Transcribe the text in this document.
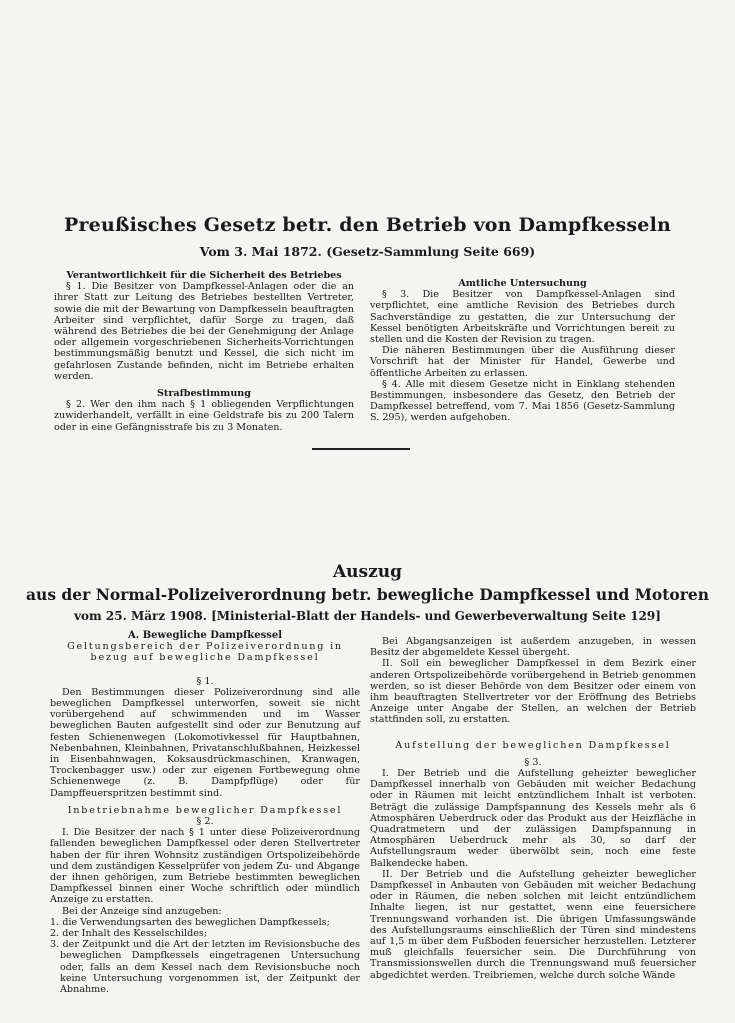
Preußisches Gesetz betr. den Betrieb von Dampfkesseln
Vom 3. Mai 1872. (Gesetz-Sammlung Seite 669)

Verantwortlichkeit für die Sicherheit des Betriebes

§ 1. Die Besitzer von Dampfkessel-Anlagen oder die an ihrer Statt zur Leitung des Betriebes bestellten Vertreter, sowie die mit der Bewartung von Dampfkesseln beauftragten Arbeiter sind verpflichtet, dafür Sorge zu tragen, daß während des Betriebes die bei der Genehmigung der Anlage oder allgemein vorgeschriebenen Sicherheits-Vorrichtungen bestimmungsmäßig benutzt und Kessel, die sich nicht im gefahrlosen Zustande befinden, nicht im Betriebe erhalten werden.

Strafbestimmung

§ 2. Wer den ihm nach § 1 obliegenden Verpflichtungen zuwiderhandelt, verfällt in eine Geldstrafe bis zu 200 Talern oder in eine Gefängnisstrafe bis zu 3 Monaten.

Amtliche Untersuchung

§ 3. Die Besitzer von Dampfkessel-Anlagen sind verpflichtet, eine amtliche Revision des Betriebes durch Sachverständige zu gestatten, die zur Untersuchung der Kessel benötigten Arbeitskräfte und Vorrichtungen bereit zu stellen und die Kosten der Revision zu tragen.

Die näheren Bestimmungen über die Ausführung dieser Vorschrift hat der Minister für Handel, Gewerbe und öffentliche Arbeiten zu erlassen.

§ 4. Alle mit diesem Gesetze nicht in Einklang stehenden Bestimmungen, insbesondere das Gesetz, den Betrieb der Dampfkessel betreffend, vom 7. Mai 1856 (Gesetz-Sammlung S. 295), werden aufgehoben.

Auszug
aus der Normal-Polizeiverordnung betr. bewegliche Dampfkessel und Motoren
vom 25. März 1908. [Ministerial-Blatt der Handels- und Gewerbeverwaltung Seite 129]

A. Bewegliche Dampfkessel

Geltungsbereich der Polizeiverordnung in bezug auf bewegliche Dampfkessel

§ 1.

Den Bestimmungen dieser Polizeiverordnung sind alle beweglichen Dampfkessel unterworfen, soweit sie nicht vorübergehend auf schwimmenden und im Wasser beweglichen Bauten aufgestellt sind oder zur Benutzung auf festen Schienenwegen (Lokomotivkessel für Hauptbahnen, Nebenbahnen, Kleinbahnen, Privatanschlußbahnen, Heizkessel in Eisenbahnwagen, Koksausdrückmaschinen, Kranwagen, Trockenbagger usw.) oder zur eigenen Fortbewegung ohne Schienenwege (z. B. Dampfpflüge) oder für Dampffeuerspritzen bestimmt sind.

Inbetriebnahme beweglicher Dampfkessel

§ 2.

I. Die Besitzer der nach § 1 unter diese Polizeiverordnung fallenden beweglichen Dampfkessel oder deren Stellvertreter haben der für ihren Wohnsitz zuständigen Ortspolizeibehörde und dem zuständigen Kesselprüfer von jedem Zu- und Abgange der ihnen gehörigen, zum Betriebe bestimmten beweglichen Dampfkessel binnen einer Woche schriftlich oder mündlich Anzeige zu erstatten.

Bei der Anzeige sind anzugeben:

1. die Verwendungsarten des beweglichen Dampfkessels;

2. der Inhalt des Kesselschildes;

3. der Zeitpunkt und die Art der letzten im Revisionsbuche des beweglichen Dampfkessels eingetragenen Untersuchung oder, falls an dem Kessel nach dem Revisionsbuche noch keine Untersuchung vorgenommen ist, der Zeitpunkt der Abnahme.

Bei Abgangsanzeigen ist außerdem anzugeben, in wessen Besitz der abgemeldete Kessel übergeht.

II. Soll ein beweglicher Dampfkessel in dem Bezirk einer anderen Ortspolizeibehörde vorübergehend in Betrieb genommen werden, so ist dieser Behörde von dem Besitzer oder einem von ihm beauftragten Stellvertreter vor der Eröffnung des Betriebs Anzeige unter Angabe der Stellen, an welchen der Betrieb stattfinden soll, zu erstatten.

Aufstellung der beweglichen Dampfkessel

§ 3.

I. Der Betrieb und die Aufstellung geheizter beweglicher Dampfkessel innerhalb von Gebäuden mit weicher Bedachung oder in Räumen mit leicht entzündlichem Inhalt ist verboten. Beträgt die zulässige Dampfspannung des Kessels mehr als 6 Atmosphären Ueberdruck oder das Produkt aus der Heizfläche in Quadratmetern und der zulässigen Dampfspannung in Atmosphären Ueberdruck mehr als 30, so darf der Aufstellungsraum weder überwölbt sein, noch eine feste Balkendecke haben.

II. Der Betrieb und die Aufstellung geheizter beweglicher Dampfkessel in Anbauten von Gebäuden mit weicher Bedachung oder in Räumen, die neben solchen mit leicht entzündlichem Inhalte liegen, ist nur gestattet, wenn eine feuersichere Trennungswand vorhanden ist. Die übrigen Umfassungswände des Aufstellungsraums einschließlich der Türen sind mindestens auf 1,5 m über dem Fußboden feuersicher herzustellen. Letzterer muß gleichfalls feuersicher sein. Die Durchführung von Transmissionswellen durch die Trennungswand muß feuersicher abgedichtet werden. Treibriemen, welche durch solche Wände
